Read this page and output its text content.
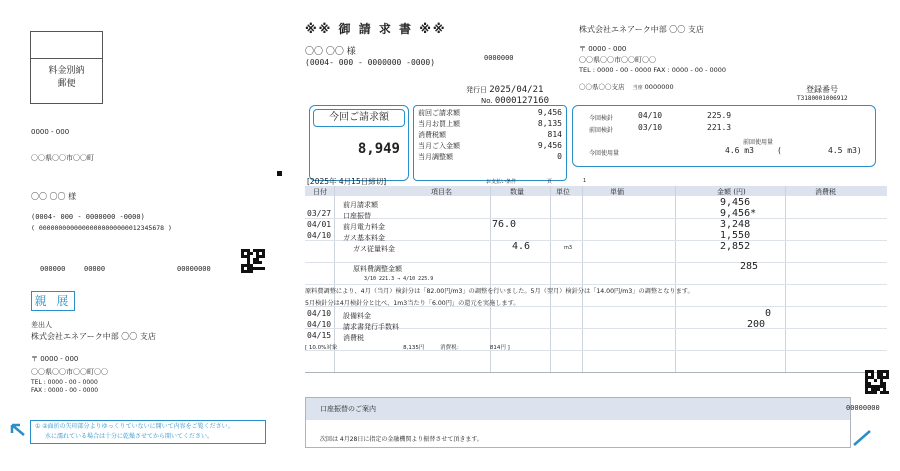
料金別納
郵便
0000 - 000
〇〇県〇〇市〇〇町
〇〇 〇〇 様
(0004- 000 - 0000000 -0000)
( 00000000000000000000000012345678 )
000000	00000	00000000
親 展
差出人
株式会社エネアーク中部 〇〇 支店
〒 0000 - 000
〇〇県〇〇市〇〇町〇〇
TEL : 0000 - 00 - 0000
FAX : 0000 - 00 - 0000
① ②面折の矢印部分よりゆっくりていないに開いて内容をご覧ください。
水に濡れている場合は十分に乾燥させてから開いてください。
※※ 御 請 求 書 ※※
〇〇 〇〇 様
(0004- 000 - 0000000 -0000)	0000000
発行日 2025/04/21
No. 0000127160
株式会社エネアーク中部 〇〇 支店
〒 0000 - 000
〇〇県〇〇市〇〇町〇〇
TEL : 0000 - 00 - 0000 FAX : 0000 - 00 - 0000
〇〇県〇〇支店 当座 0000000	登録番号
T3180001006912
今回ご請求額
8,949
前回ご請求額	9,456
当月お買上額	8,135
消費税額	814
当月ご入金額	9,456
当月調整額	0
今回検針	04/10	225.9
前回検針	03/10	221.3
前回使用量
今回使用量	4.6 m3	(	4.5 m3)
[2025年 4月15日締切]	お支払い条件	頁	1
日付	項目名	数量	単位	単価	金額 (円)	消費税
前月請求額	9,456
03/27 口座振替	9,456*
04/01 前月電力料金	76.0	3,248
04/10 ガス基本料金	1,550
ガス従量料金	4.6	m3	2,852
原料費調整金額	285
3/10 221.3 → 4/10 225.9
原料費調整により、4月（当月）検針分は「82.00円/m3」の調整を行いました。5月（翌月）検針分は「14.00円/m3」の調整となります。
5月検針分は4月検針分と比べ、1m3当たり「6.00円」の還元を実施します。
04/10 設備料金	0
04/10 請求書発行手数料	200
04/15 消費税
[ 10.0%対象	8,135円	消費税：	814円 ]
口座振替のご案内
次回は 4月28日に指定の金融機関より振替させて頂きます。
00000000
